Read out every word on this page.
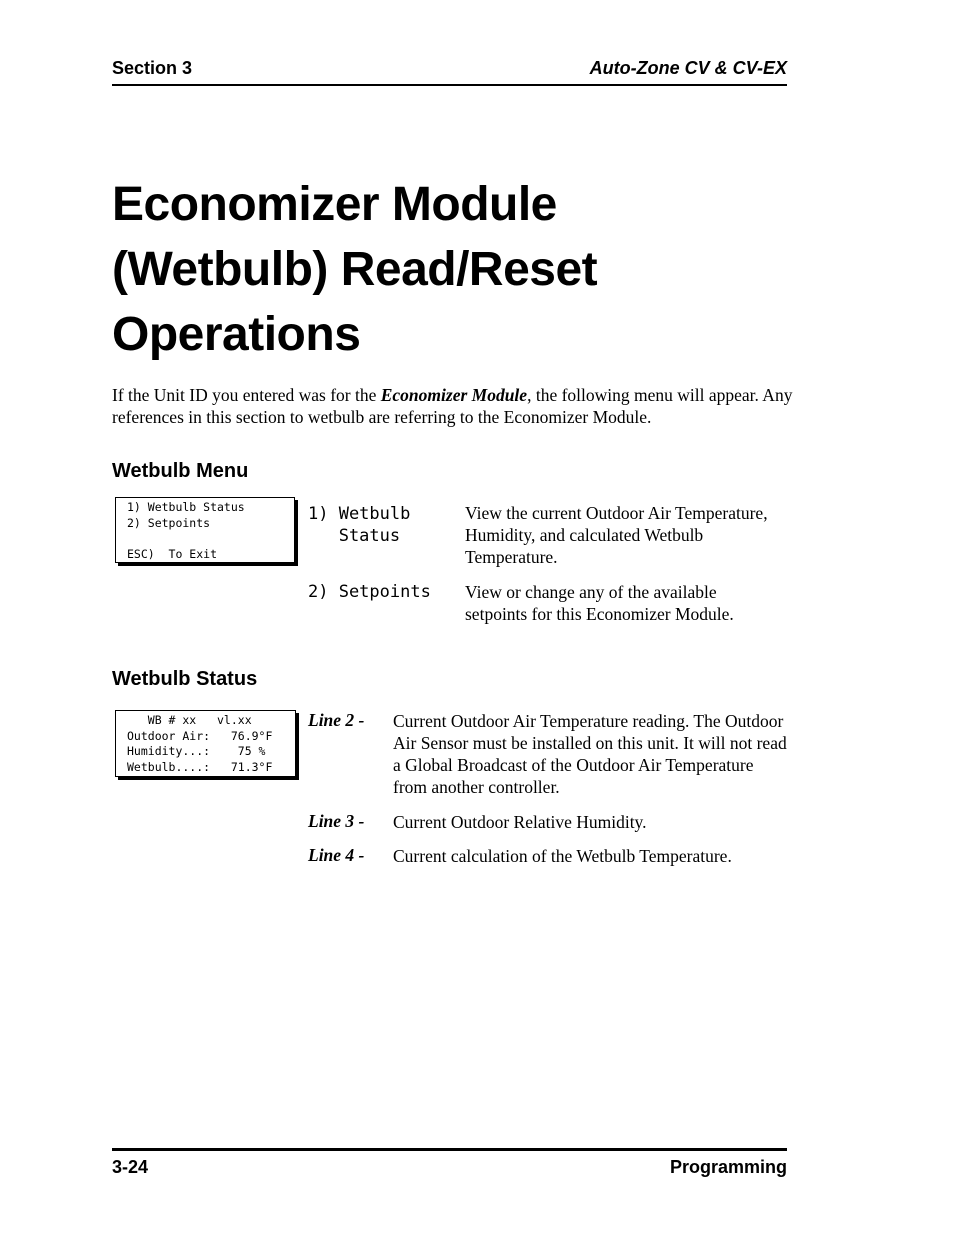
Section 3	Auto-Zone CV & CV-EX
Economizer Module
(Wetbulb) Read/Reset
Operations

If the Unit ID you entered was for the Economizer Module, the following menu will appear. Any references in this section to wetbulb are referring to the Economizer Module.

Wetbulb Menu
1) Wetbulb Status
2) Setpoints
ESC)  To Exit
1) Wetbulb
Status
View the current Outdoor Air Temperature, Humidity, and calculated Wetbulb Temperature.
2) Setpoints View or change any of the available setpoints for this Economizer Module.
Wetbulb Status
WB # xx   vl.xx
Outdoor Air:   76.9°F
Humidity...:    75 %
Wetbulb....:   71.3°F
Line 2 - Current Outdoor Air Temperature reading. The Outdoor Air Sensor must be installed on this unit. It will not read a Global Broadcast of the Outdoor Air Temperature from another controller.
Line 3 - Current Outdoor Relative Humidity.
Line 4 - Current calculation of the Wetbulb Temperature.
3-24	Programming
